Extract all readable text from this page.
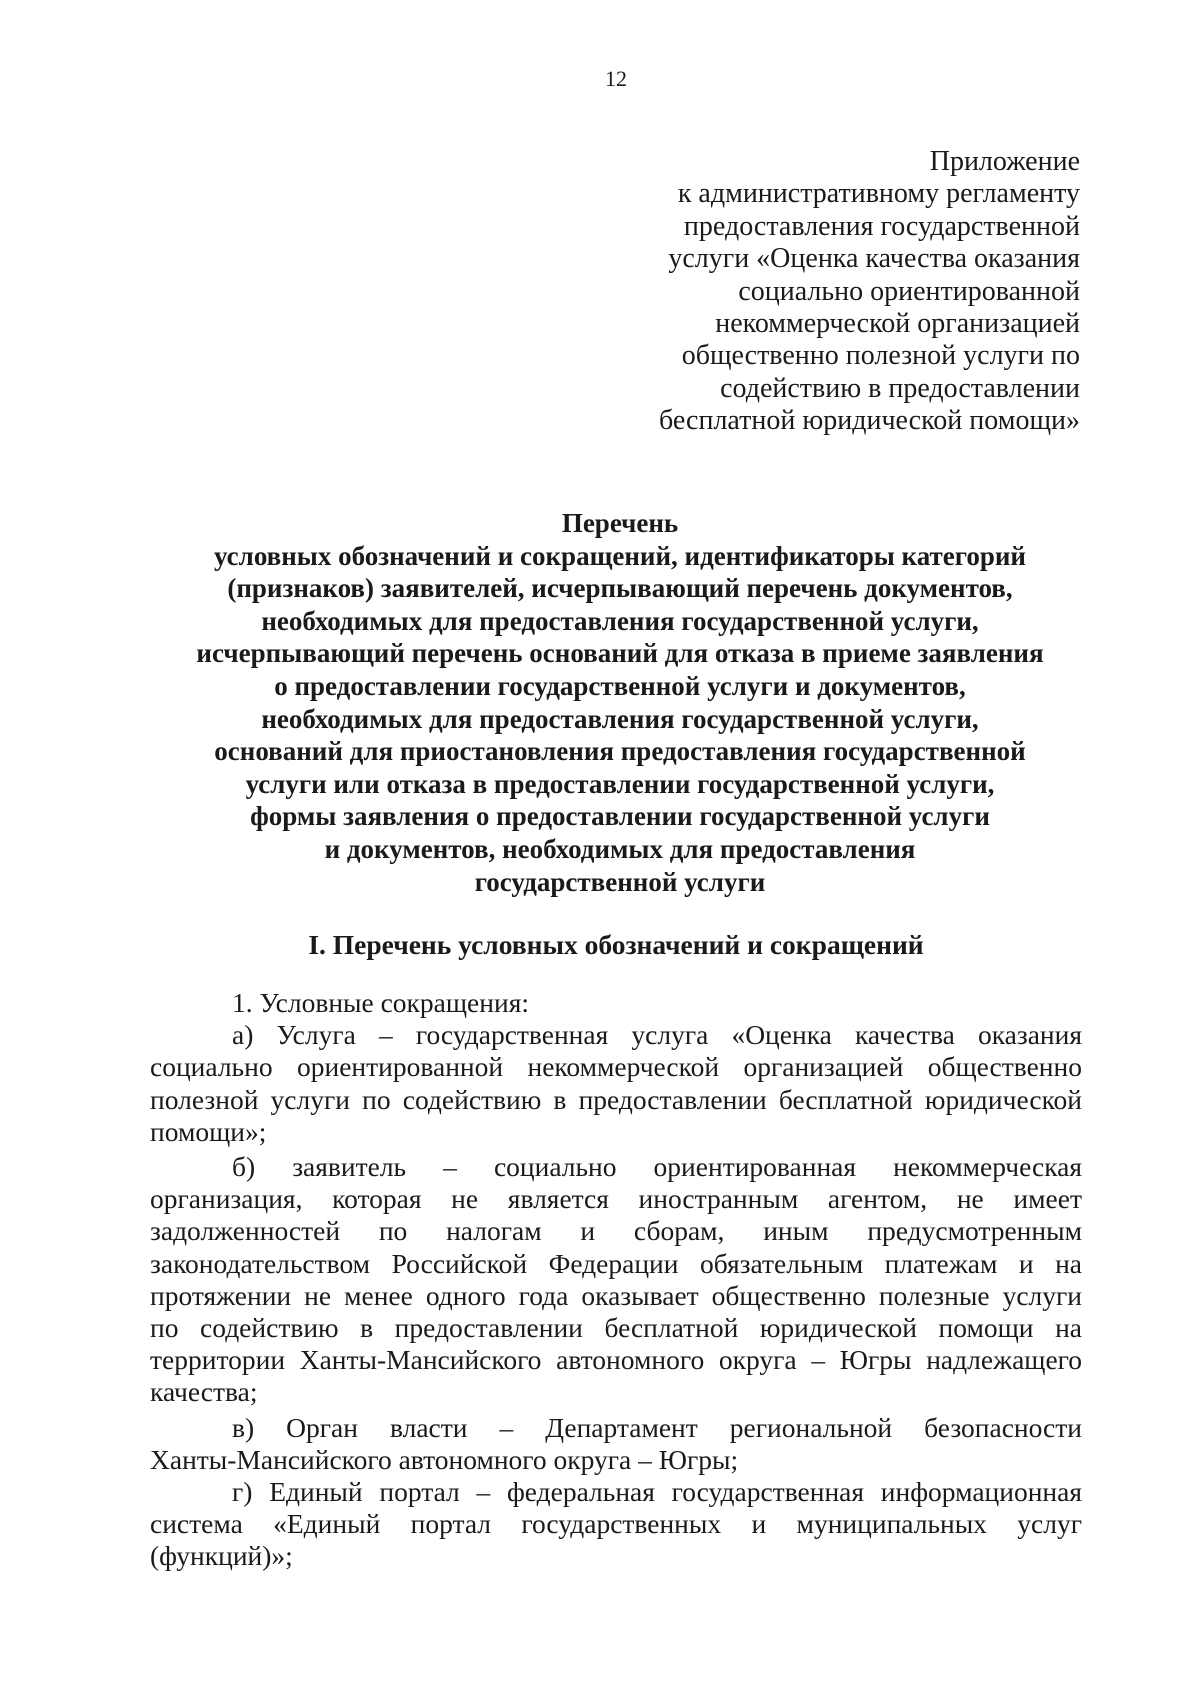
12
Приложение
к административному регламенту
предоставления государственной
услуги «Оценка качества оказания
социально ориентированной
некоммерческой организацией
общественно полезной услуги по
содействию в предоставлении
бесплатной юридической помощи»
Перечень
условных обозначений и сокращений, идентификаторы категорий
(признаков) заявителей, исчерпывающий перечень документов,
необходимых для предоставления государственной услуги,
исчерпывающий перечень оснований для отказа в приеме заявления
о предоставлении государственной услуги и документов,
необходимых для предоставления государственной услуги,
оснований для приостановления предоставления государственной
услуги или отказа в предоставлении государственной услуги,
формы заявления о предоставлении государственной услуги
и документов, необходимых для предоставления
государственной услуги
I. Перечень условных обозначений и сокращений
1. Условные сокращения:
а) Услуга – государственная услуга «Оценка качества оказания
социально ориентированной некоммерческой организацией общественно
полезной услуги по содействию в предоставлении бесплатной юридической
помощи»;
б) заявитель – социально ориентированная некоммерческая
организация, которая не является иностранным агентом, не имеет
задолженностей по налогам и сборам, иным предусмотренным
законодательством Российской Федерации обязательным платежам и на
протяжении не менее одного года оказывает общественно полезные услуги
по содействию в предоставлении бесплатной юридической помощи на
территории Ханты-Мансийского автономного округа – Югры надлежащего
качества;
в) Орган власти – Департамент региональной безопасности
Ханты-Мансийского автономного округа – Югры;
г) Единый портал – федеральная государственная информационная
система «Единый портал государственных и муниципальных услуг
(функций)»;
